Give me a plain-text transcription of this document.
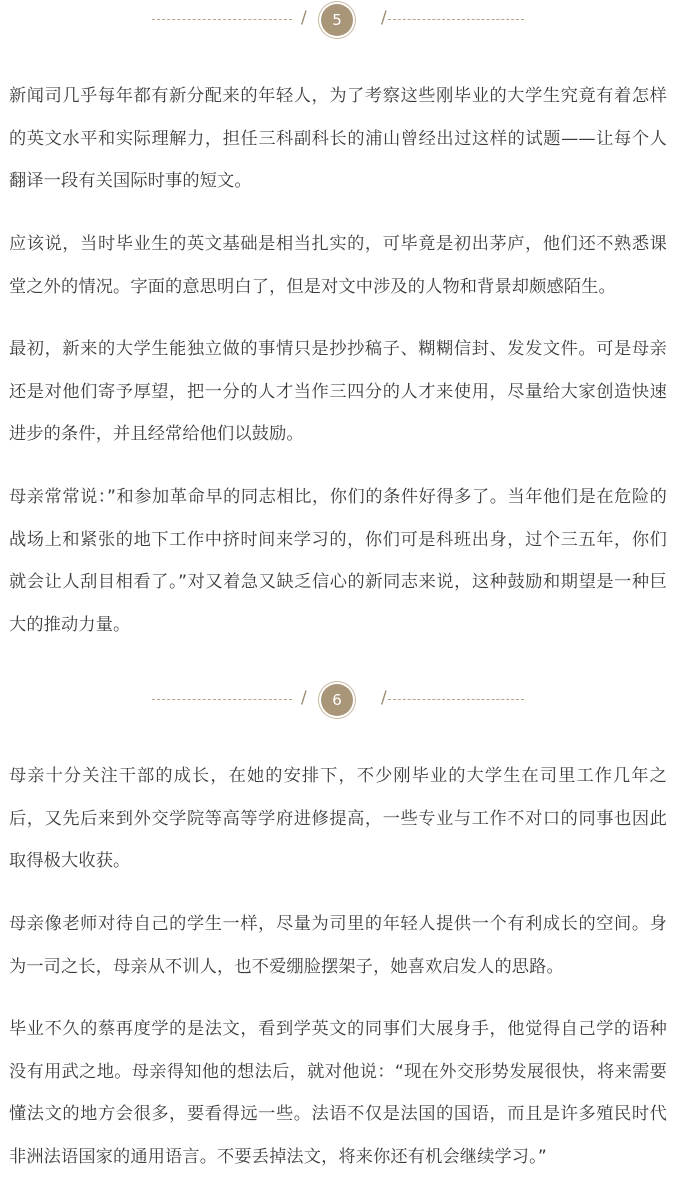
/	5	/

新闻司几乎每年都有新分配来的年轻人，为了考察这些刚毕业的大学生究竟有着怎样的英文水平和实际理解力，担任三科副科长的浦山曾经出过这样的试题——让每个人翻译一段有关国际时事的短文。

应该说，当时毕业生的英文基础是相当扎实的，可毕竟是初出茅庐，他们还不熟悉课堂之外的情况。字面的意思明白了，但是对文中涉及的人物和背景却颇感陌生。

最初，新来的大学生能独立做的事情只是抄抄稿子、糊糊信封、发发文件。可是母亲还是对他们寄予厚望，把一分的人才当作三四分的人才来使用，尽量给大家创造快速进步的条件，并且经常给他们以鼓励。

母亲常常说：”和参加革命早的同志相比，你们的条件好得多了。当年他们是在危险的战场上和紧张的地下工作中挤时间来学习的，你们可是科班出身，过个三五年，你们就会让人刮目相看了。”对又着急又缺乏信心的新同志来说，这种鼓励和期望是一种巨大的推动力量。

/	6	/

母亲十分关注干部的成长，在她的安排下，不少刚毕业的大学生在司里工作几年之后，又先后来到外交学院等高等学府进修提高，一些专业与工作不对口的同事也因此取得极大收获。

母亲像老师对待自己的学生一样，尽量为司里的年轻人提供一个有利成长的空间。身为一司之长，母亲从不训人，也不爱绷脸摆架子，她喜欢启发人的思路。

毕业不久的蔡再度学的是法文，看到学英文的同事们大展身手，他觉得自己学的语种没有用武之地。母亲得知他的想法后，就对他说：“现在外交形势发展很快，将来需要懂法文的地方会很多，要看得远一些。法语不仅是法国的国语，而且是许多殖民时代非洲法语国家的通用语言。不要丢掉法文，将来你还有机会继续学习。”
